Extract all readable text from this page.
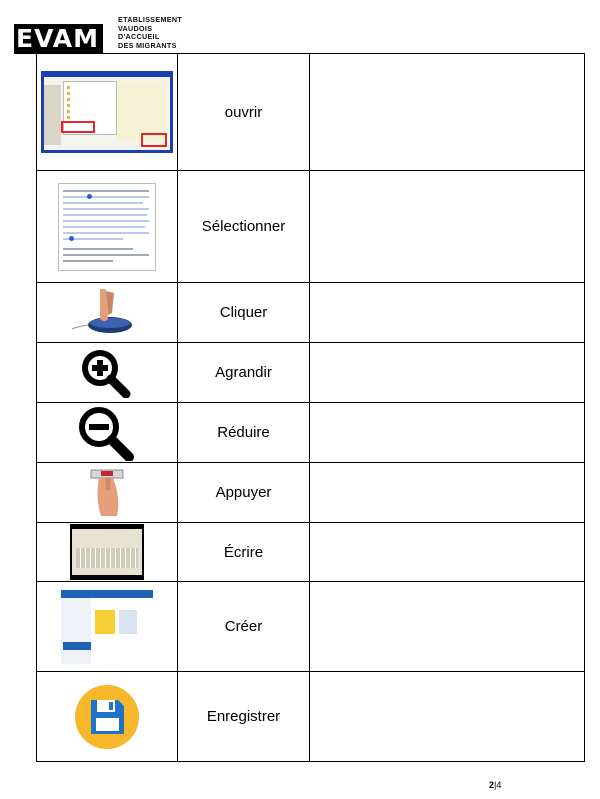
EVAM
ETABLISSEMENT
VAUDOIS
D'ACCUEIL
DES MIGRANTS
	ouvrir	

	Sélectionner	

	Cliquer	

	Agrandir	

	Réduire	

	Appuyer	

	Écrire	

	Créer	

	Enregistrer	
2|4
